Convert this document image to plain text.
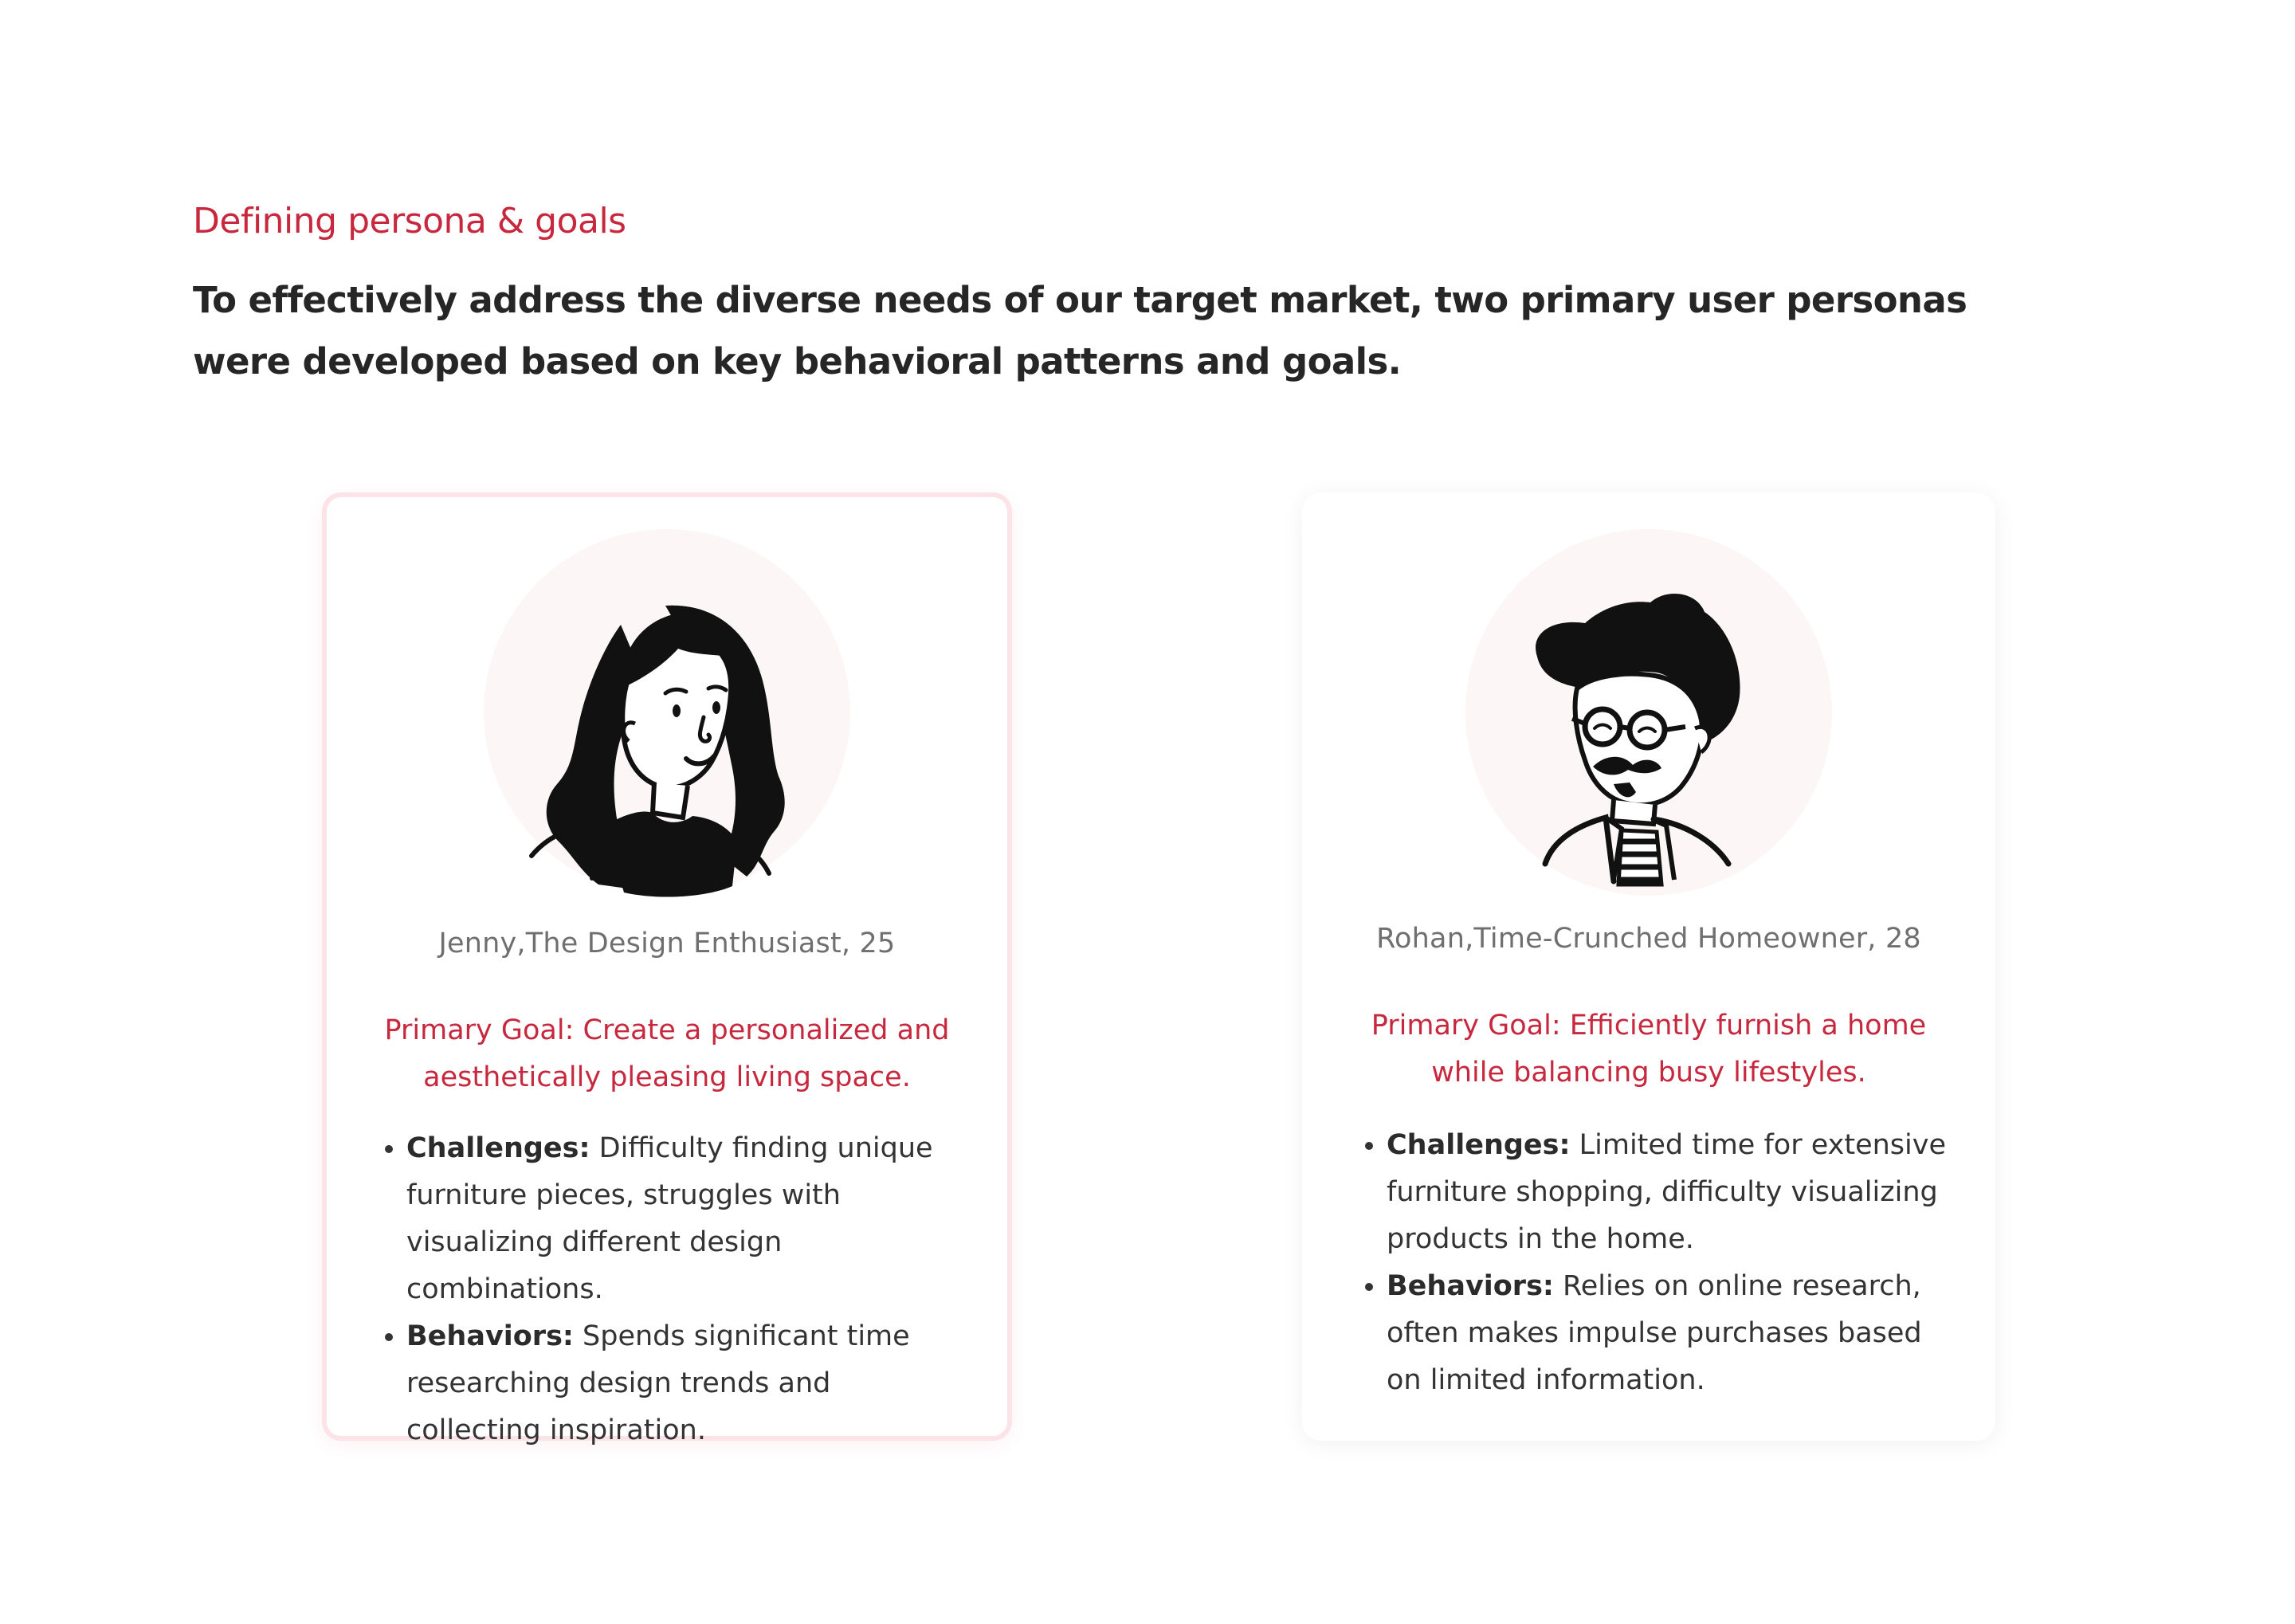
Defining persona & goals

To effectively address the diverse needs of our target market, two primary user personas were developed based on key behavioral patterns and goals.

Jenny,The Design Enthusiast, 25

Primary Goal: Create a personalized and aesthetically pleasing living space.

• Challenges: Difficulty finding unique furniture pieces, struggles with visualizing different design combinations.
• Behaviors: Spends significant time researching design trends and collecting inspiration.

Rohan,Time-Crunched Homeowner, 28

Primary Goal: Efficiently furnish a home while balancing busy lifestyles.

• Challenges: Limited time for extensive furniture shopping, difficulty visualizing products in the home.
• Behaviors: Relies on online research, often makes impulse purchases based on limited information.
